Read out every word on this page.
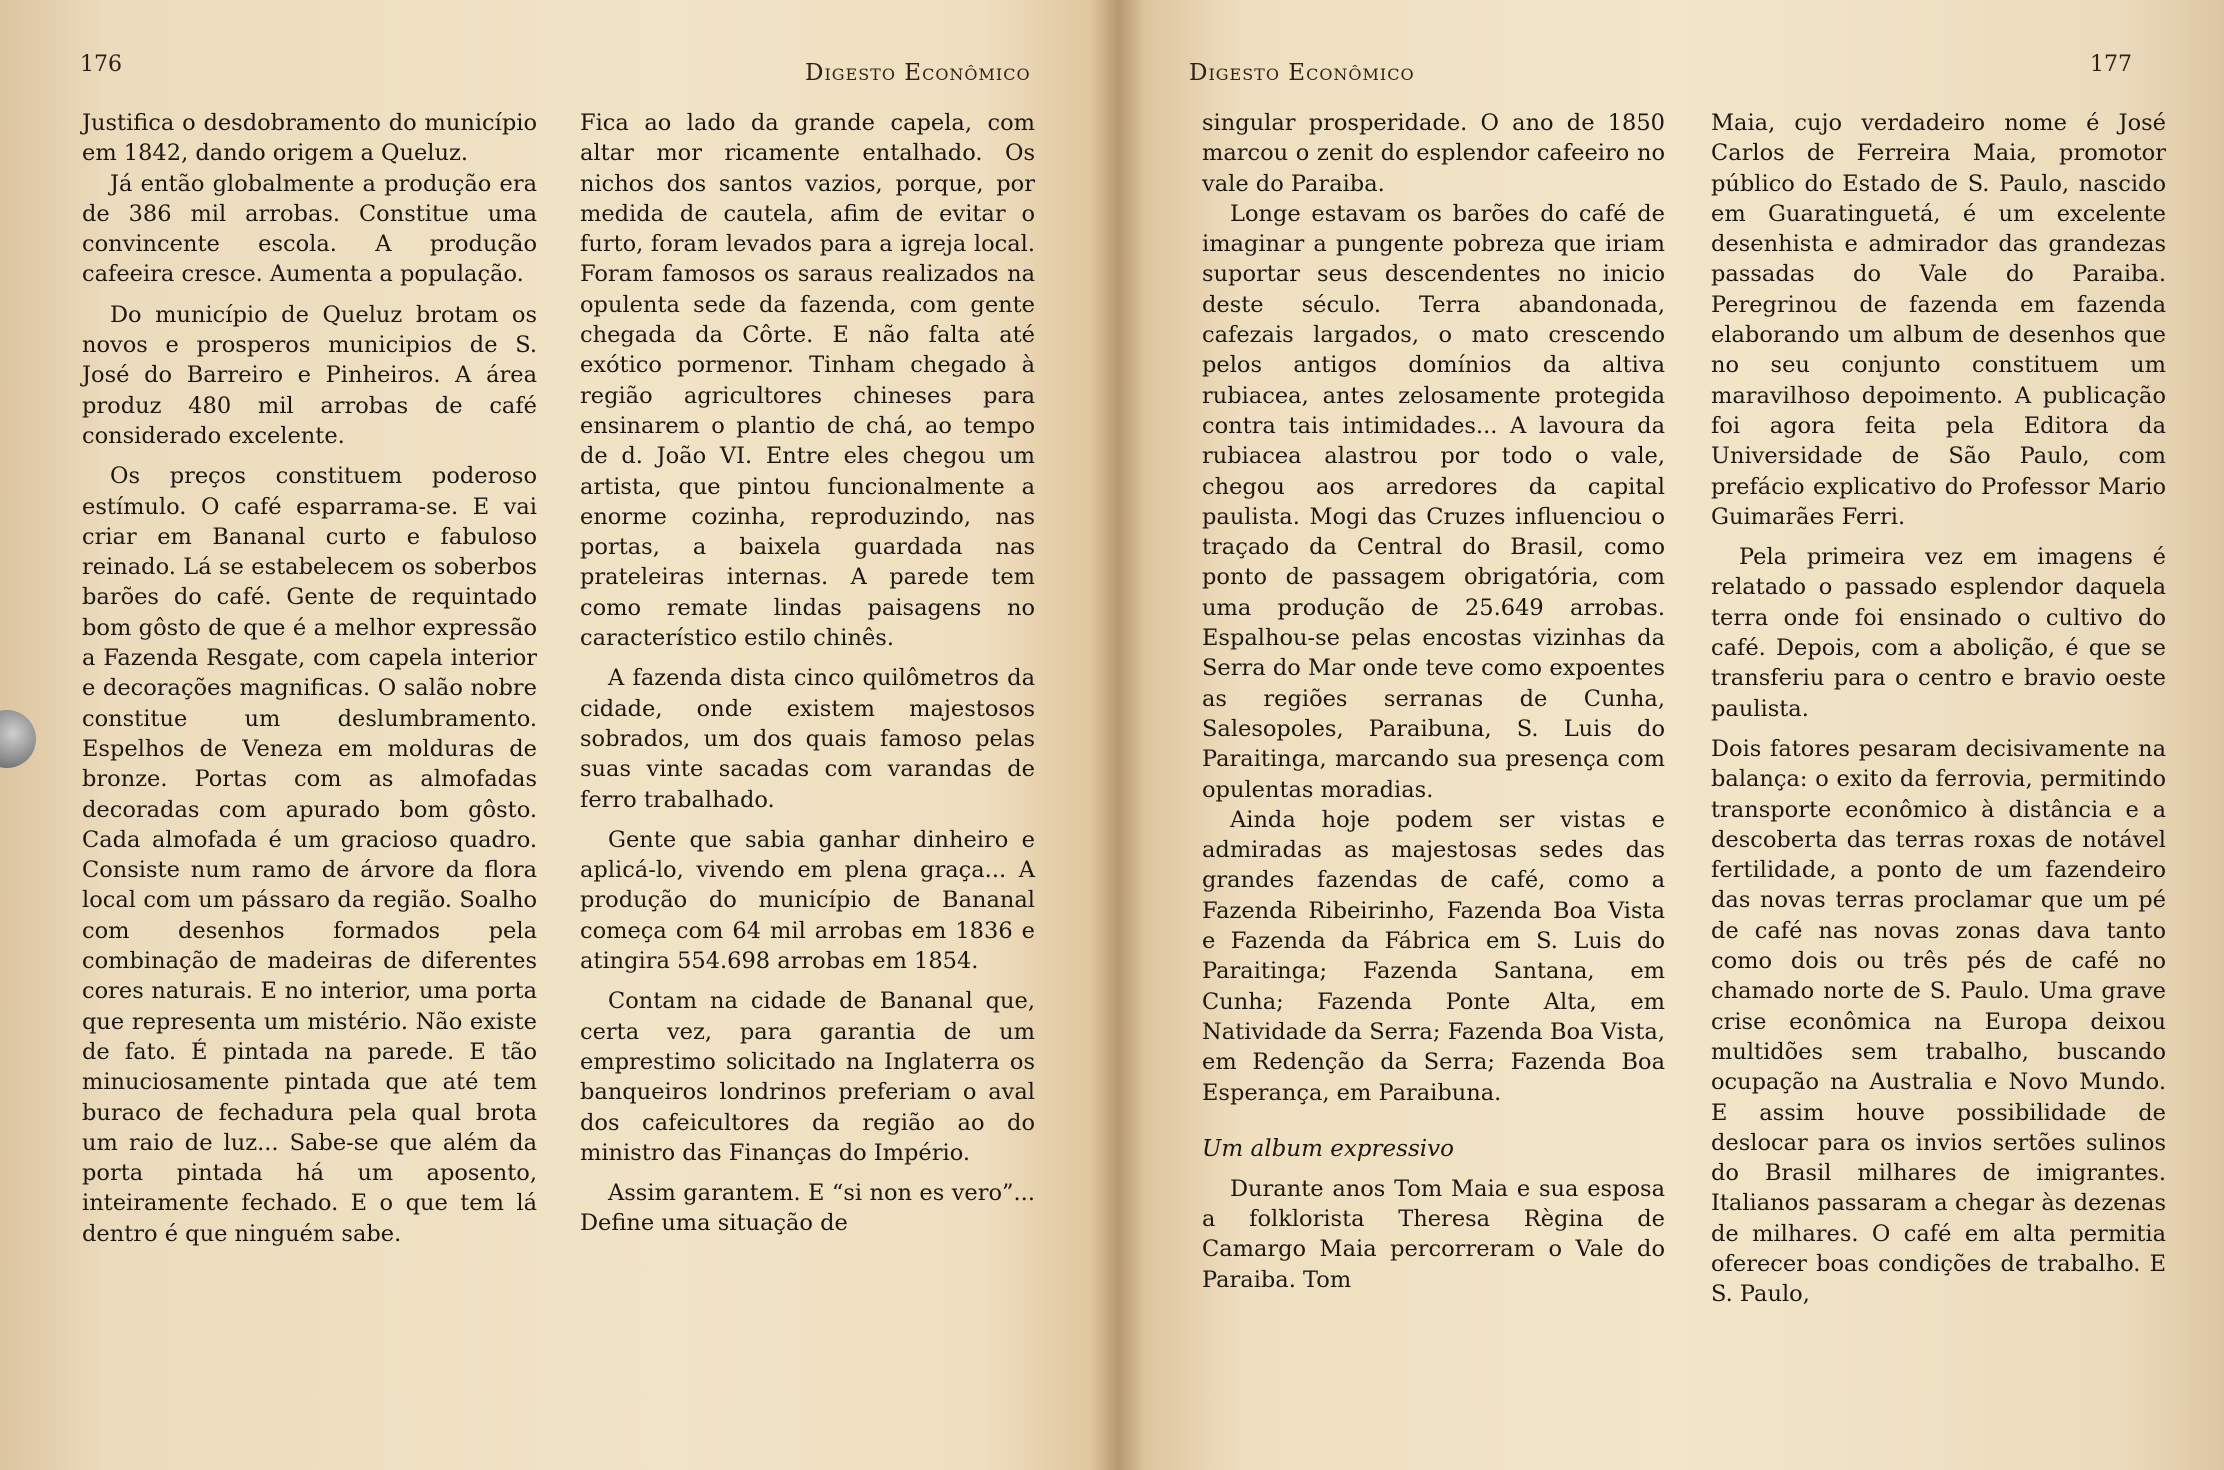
176	Digesto Econômico

Justifica o desdobramento do município em 1842, dando origem a Queluz.

Já então globalmente a produção era de 386 mil arrobas. Constitue uma convincente escola. A produção cafeeira cresce. Aumenta a população.

Do município de Queluz brotam os novos e prosperos municipios de S. José do Barreiro e Pinheiros. A área produz 480 mil arrobas de café considerado excelente.

Os preços constituem poderoso estímulo. O café esparrama-se. E vai criar em Bananal curto e fabuloso reinado. Lá se estabelecem os soberbos barões do café. Gente de requintado bom gôsto de que é a melhor expressão a Fazenda Resgate, com capela interior e decorações magnificas. O salão nobre constitue um deslumbramento. Espelhos de Veneza em molduras de bronze. Portas com as almofadas decoradas com apurado bom gôsto. Cada almofada é um gracioso quadro. Consiste num ramo de árvore da flora local com um pássaro da região. Soalho com desenhos formados pela combinação de madeiras de diferentes cores naturais. E no interior, uma porta que representa um mistério. Não existe de fato. É pintada na parede. E tão minuciosamente pintada que até tem buraco de fechadura pela qual brota um raio de luz... Sabe-se que além da porta pintada há um aposento, inteiramente fechado. E o que tem lá dentro é que ninguém sabe.

Fica ao lado da grande capela, com altar mor ricamente entalhado. Os nichos dos santos vazios, porque, por medida de cautela, afim de evitar o furto, foram levados para a igreja local. Foram famosos os saraus realizados na opulenta sede da fazenda, com gente chegada da Côrte. E não falta até exótico pormenor. Tinham chegado à região agricultores chineses para ensinarem o plantio de chá, ao tempo de d. João VI. Entre eles chegou um artista, que pintou funcionalmente a enorme cozinha, reproduzindo, nas portas, a baixela guardada nas prateleiras internas. A parede tem como remate lindas paisagens no característico estilo chinês.

A fazenda dista cinco quilômetros da cidade, onde existem majestosos sobrados, um dos quais famoso pelas suas vinte sacadas com varandas de ferro trabalhado.

Gente que sabia ganhar dinheiro e aplicá-lo, vivendo em plena graça... A produção do município de Bananal começa com 64 mil arrobas em 1836 e atingira 554.698 arrobas em 1854.

Contam na cidade de Bananal que, certa vez, para garantia de um emprestimo solicitado na Inglaterra os banqueiros londrinos preferiam o aval dos cafeicultores da região ao do ministro das Finanças do Império.

Assim garantem. E “si non es vero”... Define uma situação de

Digesto Econômico	177

singular prosperidade. O ano de 1850 marcou o zenit do esplendor cafeeiro no vale do Paraiba.

Longe estavam os barões do café de imaginar a pungente pobreza que iriam suportar seus descendentes no inicio deste século. Terra abandonada, cafezais largados, o mato crescendo pelos antigos domínios da altiva rubiacea, antes zelosamente protegida contra tais intimidades... A lavoura da rubiacea alastrou por todo o vale, chegou aos arredores da capital paulista. Mogi das Cruzes influenciou o traçado da Central do Brasil, como ponto de passagem obrigatória, com uma produção de 25.649 arrobas. Espalhou-se pelas encostas vizinhas da Serra do Mar onde teve como expoentes as regiões serranas de Cunha, Salesopoles, Paraibuna, S. Luis do Paraitinga, marcando sua presença com opulentas moradias.

Ainda hoje podem ser vistas e admiradas as majestosas sedes das grandes fazendas de café, como a Fazenda Ribeirinho, Fazenda Boa Vista e Fazenda da Fábrica em S. Luis do Paraitinga; Fazenda Santana, em Cunha; Fazenda Ponte Alta, em Natividade da Serra; Fazenda Boa Vista, em Redenção da Serra; Fazenda Boa Esperança, em Paraibuna.

Um album expressivo

Durante anos Tom Maia e sua esposa a folklorista Theresa Règina de Camargo Maia percorreram o Vale do Paraiba. Tom

Maia, cujo verdadeiro nome é José Carlos de Ferreira Maia, promotor público do Estado de S. Paulo, nascido em Guaratinguetá, é um excelente desenhista e admirador das grandezas passadas do Vale do Paraiba. Peregrinou de fazenda em fazenda elaborando um album de desenhos que no seu conjunto constituem um maravilhoso depoimento. A publicação foi agora feita pela Editora da Universidade de São Paulo, com prefácio explicativo do Professor Mario Guimarães Ferri.

Pela primeira vez em imagens é relatado o passado esplendor daquela terra onde foi ensinado o cultivo do café. Depois, com a abolição, é que se transferiu para o centro e bravio oeste paulista.

Dois fatores pesaram decisivamente na balança: o exito da ferrovia, permitindo transporte econômico à distância e a descoberta das terras roxas de notável fertilidade, a ponto de um fazendeiro das novas terras proclamar que um pé de café nas novas zonas dava tanto como dois ou três pés de café no chamado norte de S. Paulo. Uma grave crise econômica na Europa deixou multidões sem trabalho, buscando ocupação na Australia e Novo Mundo. E assim houve possibilidade de deslocar para os invios sertões sulinos do Brasil milhares de imigrantes. Italianos passaram a chegar às dezenas de milhares. O café em alta permitia oferecer boas condições de trabalho. E S. Paulo,
